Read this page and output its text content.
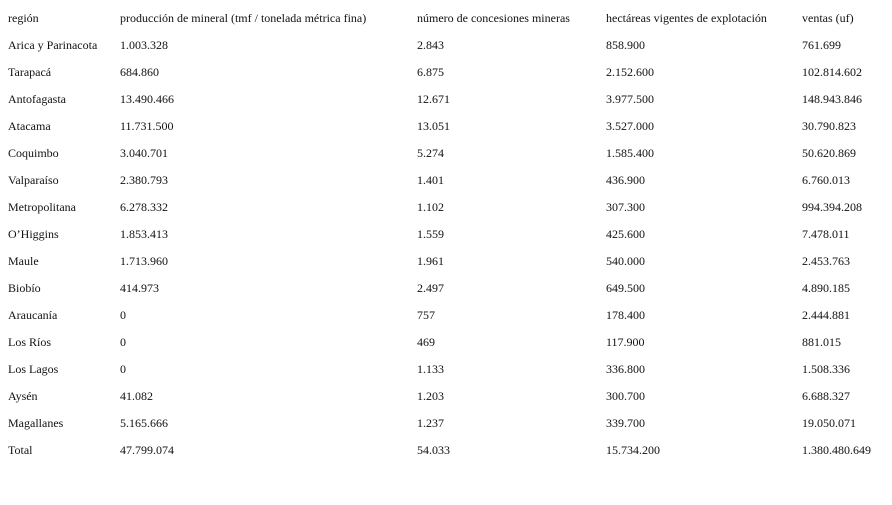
región	producción de mineral (tmf / tonelada métrica fina)	número de concesiones mineras	hectáreas vigentes de explotación	ventas (uf)
Arica y Parinacota	1.003.328	2.843	858.900	761.699
Tarapacá	684.860	6.875	2.152.600	102.814.602
Antofagasta	13.490.466	12.671	3.977.500	148.943.846
Atacama	11.731.500	13.051	3.527.000	30.790.823
Coquimbo	3.040.701	5.274	1.585.400	50.620.869
Valparaíso	2.380.793	1.401	436.900	6.760.013
Metropolitana	6.278.332	1.102	307.300	994.394.208
O’Higgins	1.853.413	1.559	425.600	7.478.011
Maule	1.713.960	1.961	540.000	2.453.763
Biobío	414.973	2.497	649.500	4.890.185
Araucanía	0	757	178.400	2.444.881
Los Ríos	0	469	117.900	881.015
Los Lagos	0	1.133	336.800	1.508.336
Aysén	41.082	1.203	300.700	6.688.327
Magallanes	5.165.666	1.237	339.700	19.050.071
Total	47.799.074	54.033	15.734.200	1.380.480.649
